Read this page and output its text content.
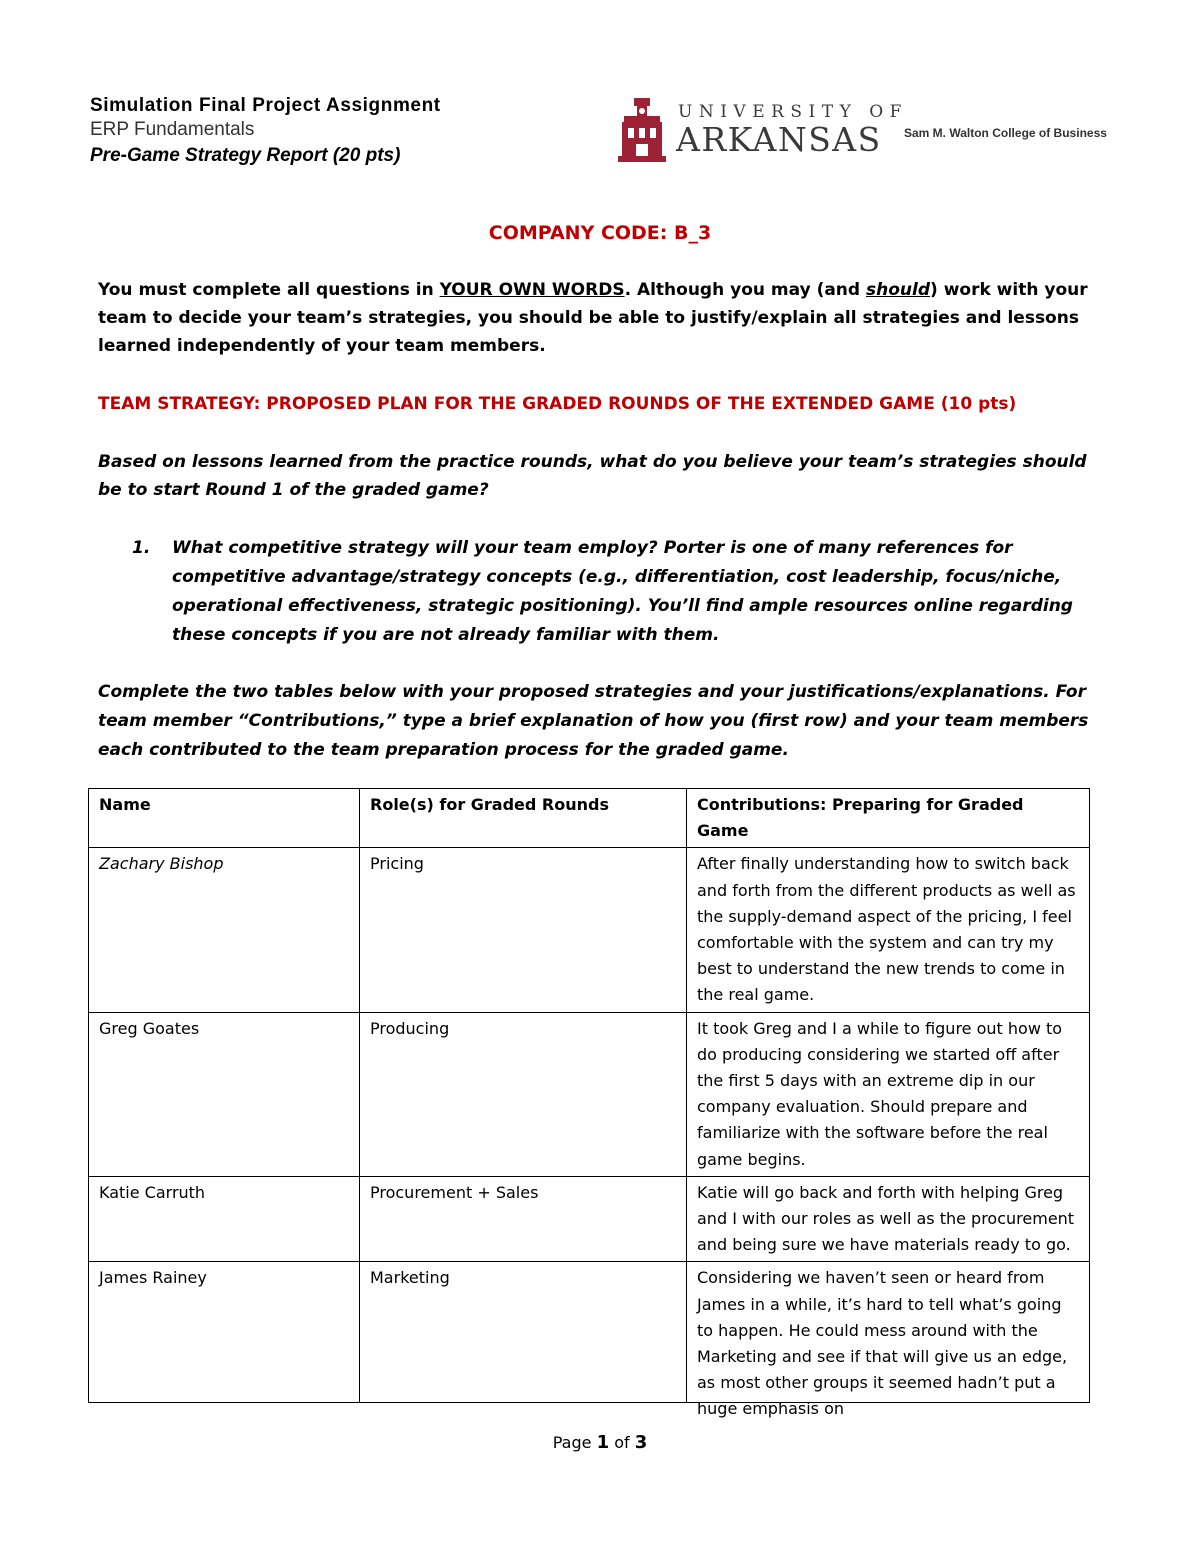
Simulation Final Project Assignment
ERP Fundamentals
Pre-Game Strategy Report (20 pts)
UNIVERSITY OF
ARKANSAS Sam M. Walton College of Business
COMPANY CODE: B_3
You must complete all questions in YOUR OWN WORDS. Although you may (and should) work with your team to decide your team’s strategies, you should be able to justify/explain all strategies and lessons learned independently of your team members.
TEAM STRATEGY: PROPOSED PLAN FOR THE GRADED ROUNDS OF THE EXTENDED GAME (10 pts)
Based on lessons learned from the practice rounds, what do you believe your team’s strategies should be to start Round 1 of the graded game?
1. What competitive strategy will your team employ? Porter is one of many references for competitive advantage/strategy concepts (e.g., differentiation, cost leadership, focus/niche, operational effectiveness, strategic positioning). You’ll find ample resources online regarding these concepts if you are not already familiar with them.
Complete the two tables below with your proposed strategies and your justifications/explanations. For team member “Contributions,” type a brief explanation of how you (first row) and your team members each contributed to the team preparation process for the graded game.
Name	Role(s) for Graded Rounds	Contributions: Preparing for Graded Game
Zachary Bishop	Pricing	After finally understanding how to switch back and forth from the different products as well as the supply-demand aspect of the pricing, I feel comfortable with the system and can try my best to understand the new trends to come in the real game.
Greg Goates	Producing	It took Greg and I a while to figure out how to do producing considering we started off after the first 5 days with an extreme dip in our company evaluation. Should prepare and familiarize with the software before the real game begins.
Katie Carruth	Procurement + Sales	Katie will go back and forth with helping Greg and I with our roles as well as the procurement and being sure we have materials ready to go.
James Rainey	Marketing	Considering we haven’t seen or heard from James in a while, it’s hard to tell what’s going to happen. He could mess around with the Marketing and see if that will give us an edge, as most other groups it seemed hadn’t put a huge emphasis on
Page 1 of 3
